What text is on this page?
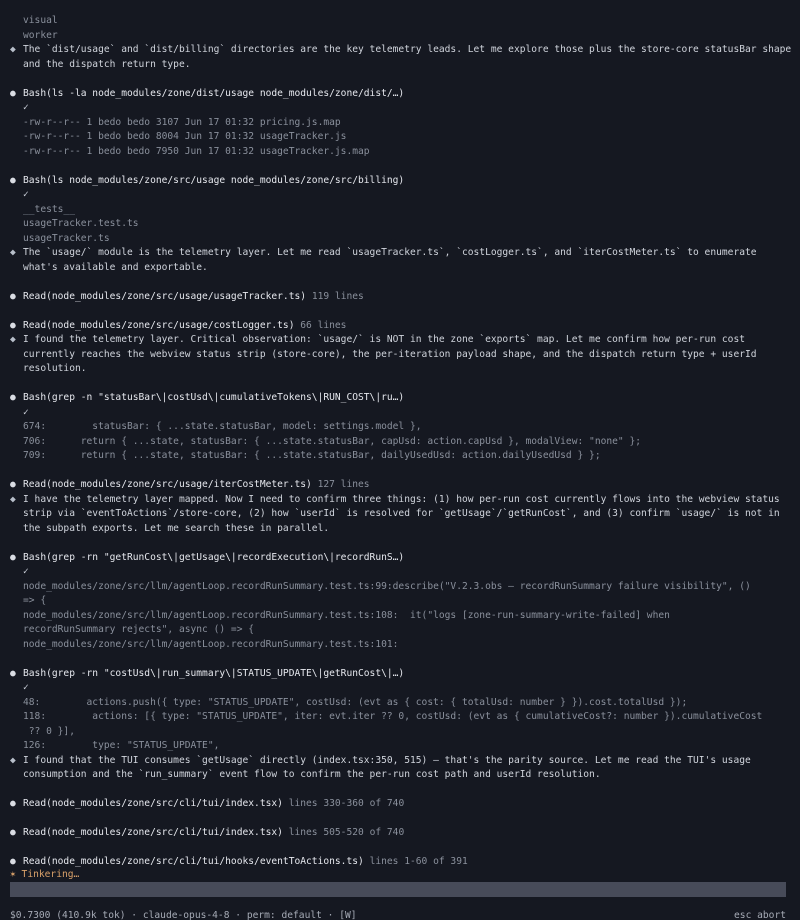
visual
worker
◆ The `dist/usage` and `dist/billing` directories are the key telemetry leads. Let me explore those plus the store-core statusBar shape and the dispatch return type.
● Bash(ls -la node_modules/zone/dist/usage node_modules/zone/dist/…)
✓
-rw-r--r-- 1 bedo bedo 3107 Jun 17 01:32 pricing.js.map
-rw-r--r-- 1 bedo bedo 8004 Jun 17 01:32 usageTracker.js
-rw-r--r-- 1 bedo bedo 7950 Jun 17 01:32 usageTracker.js.map
● Bash(ls node_modules/zone/src/usage node_modules/zone/src/billing)
✓
__tests__
usageTracker.test.ts
usageTracker.ts
◆ The `usage/` module is the telemetry layer. Let me read `usageTracker.ts`, `costLogger.ts`, and `iterCostMeter.ts` to enumerate what's available and exportable.
● Read(node_modules/zone/src/usage/usageTracker.ts) 119 lines
● Read(node_modules/zone/src/usage/costLogger.ts) 66 lines
◆ I found the telemetry layer. Critical observation: `usage/` is NOT in the zone `exports` map. Let me confirm how per-run cost currently reaches the webview status strip (store-core), the per-iteration payload shape, and the dispatch return type + userId resolution.
● Bash(grep -n "statusBar\|costUsd\|cumulativeTokens\|RUN_COST\|ru…)
✓
674:        statusBar: { ...state.statusBar, model: settings.model },
706:      return { ...state, statusBar: { ...state.statusBar, capUsd: action.capUsd }, modalView: "none" };
709:      return { ...state, statusBar: { ...state.statusBar, dailyUsedUsd: action.dailyUsedUsd } };
● Read(node_modules/zone/src/usage/iterCostMeter.ts) 127 lines
◆ I have the telemetry layer mapped. Now I need to confirm three things: (1) how per-run cost currently flows into the webview status strip via `eventToActions`/store-core, (2) how `userId` is resolved for `getUsage`/`getRunCost`, and (3) confirm `usage/` is not in the subpath exports. Let me search these in parallel.
● Bash(grep -rn "getRunCost\|getUsage\|recordExecution\|recordRunS…)
✓
node_modules/zone/src/llm/agentLoop.recordRunSummary.test.ts:99:describe("V.2.3.obs — recordRunSummary failure visibility", ()
=> {
node_modules/zone/src/llm/agentLoop.recordRunSummary.test.ts:108:  it("logs [zone-run-summary-write-failed] when
recordRunSummary rejects", async () => {
node_modules/zone/src/llm/agentLoop.recordRunSummary.test.ts:101:
● Bash(grep -rn "costUsd\|run_summary\|STATUS_UPDATE\|getRunCost\|…)
✓
48:        actions.push({ type: "STATUS_UPDATE", costUsd: (evt as { cost: { totalUsd: number } }).cost.totalUsd });
118:        actions: [{ type: "STATUS_UPDATE", iter: evt.iter ?? 0, costUsd: (evt as { cumulativeCost?: number }).cumulativeCost
?? 0 }],
126:        type: "STATUS_UPDATE",
◆ I found that the TUI consumes `getUsage` directly (index.tsx:350, 515) — that's the parity source. Let me read the TUI's usage consumption and the `run_summary` event flow to confirm the per-run cost path and userId resolution.
● Read(node_modules/zone/src/cli/tui/index.tsx) lines 330-360 of 740
● Read(node_modules/zone/src/cli/tui/index.tsx) lines 505-520 of 740
● Read(node_modules/zone/src/cli/tui/hooks/eventToActions.ts) lines 1-60 of 391
✶ Tinkering…
$0.7300 (410.9k tok) · claude-opus-4-8 · perm: default · [W]	esc abort
